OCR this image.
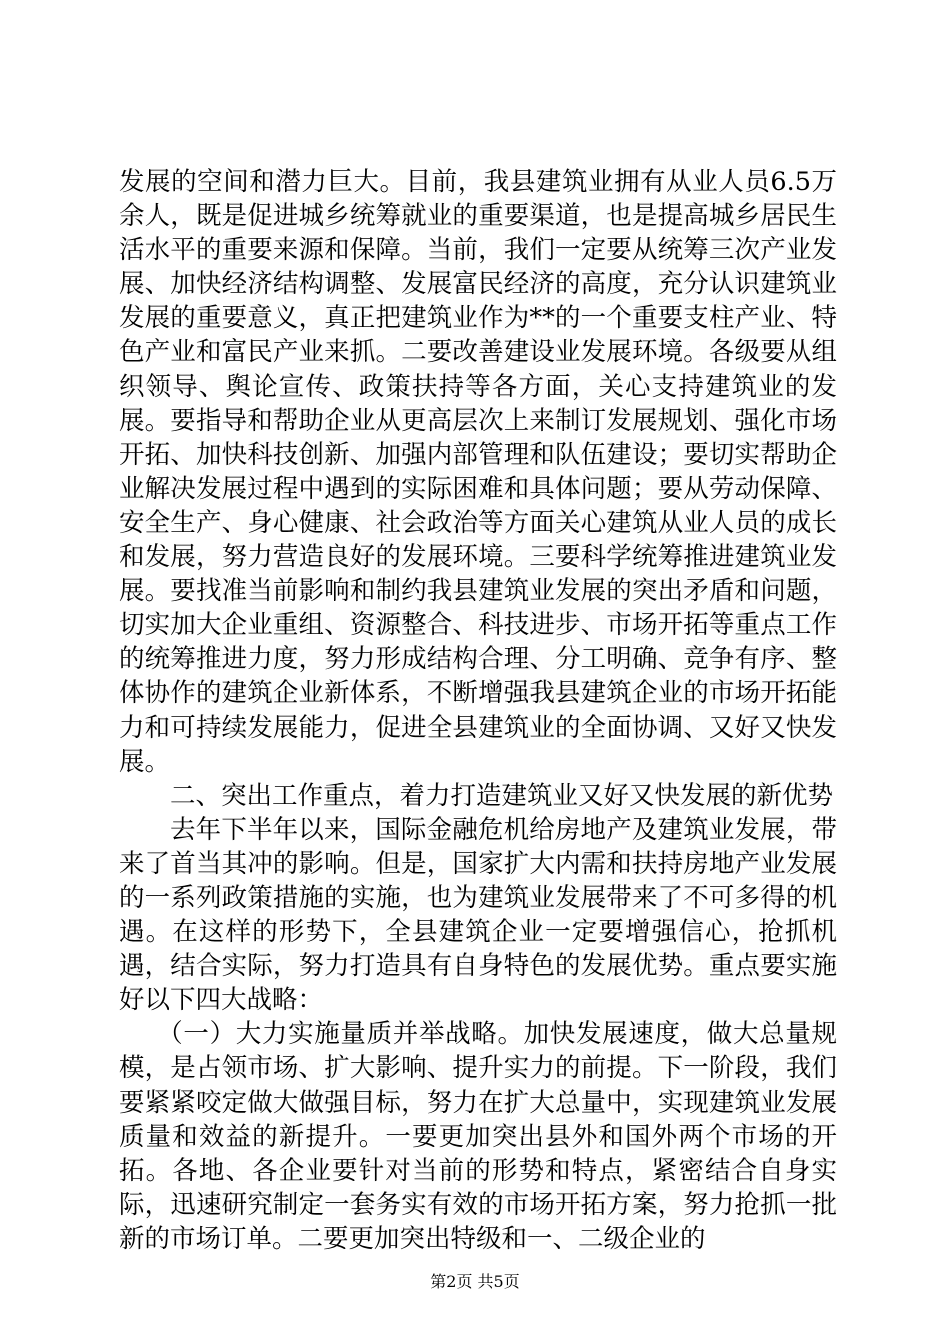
发展的空间和潜力巨大。目前，我县建筑业拥有从业人员6.5万余人，既是促进城乡统筹就业的重要渠道，也是提高城乡居民生活水平的重要来源和保障。当前，我们一定要从统筹三次产业发展、加快经济结构调整、发展富民经济的高度，充分认识建筑业发展的重要意义，真正把建筑业作为**的一个重要支柱产业、特色产业和富民产业来抓。二要改善建设业发展环境。各级要从组织领导、舆论宣传、政策扶持等各方面，关心支持建筑业的发展。要指导和帮助企业从更高层次上来制订发展规划、强化市场开拓、加快科技创新、加强内部管理和队伍建设；要切实帮助企业解决发展过程中遇到的实际困难和具体问题；要从劳动保障、安全生产、身心健康、社会政治等方面关心建筑从业人员的成长和发展，努力营造良好的发展环境。三要科学统筹推进建筑业发展。要找准当前影响和制约我县建筑业发展的突出矛盾和问题，切实加大企业重组、资源整合、科技进步、市场开拓等重点工作的统筹推进力度，努力形成结构合理、分工明确、竞争有序、整体协作的建筑企业新体系，不断增强我县建筑企业的市场开拓能力和可持续发展能力，促进全县建筑业的全面协调、又好又快发展。

二、突出工作重点，着力打造建筑业又好又快发展的新优势

去年下半年以来，国际金融危机给房地产及建筑业发展，带来了首当其冲的影响。但是，国家扩大内需和扶持房地产业发展的一系列政策措施的实施，也为建筑业发展带来了不可多得的机遇。在这样的形势下，全县建筑企业一定要增强信心，抢抓机遇，结合实际，努力打造具有自身特色的发展优势。重点要实施好以下四大战略：

（一）大力实施量质并举战略。加快发展速度，做大总量规模，是占领市场、扩大影响、提升实力的前提。下一阶段，我们要紧紧咬定做大做强目标，努力在扩大总量中，实现建筑业发展质量和效益的新提升。一要更加突出县外和国外两个市场的开拓。各地、各企业要针对当前的形势和特点，紧密结合自身实际，迅速研究制定一套务实有效的市场开拓方案，努力抢抓一批新的市场订单。二要更加突出特级和一、二级企业的

第2页 共5页
